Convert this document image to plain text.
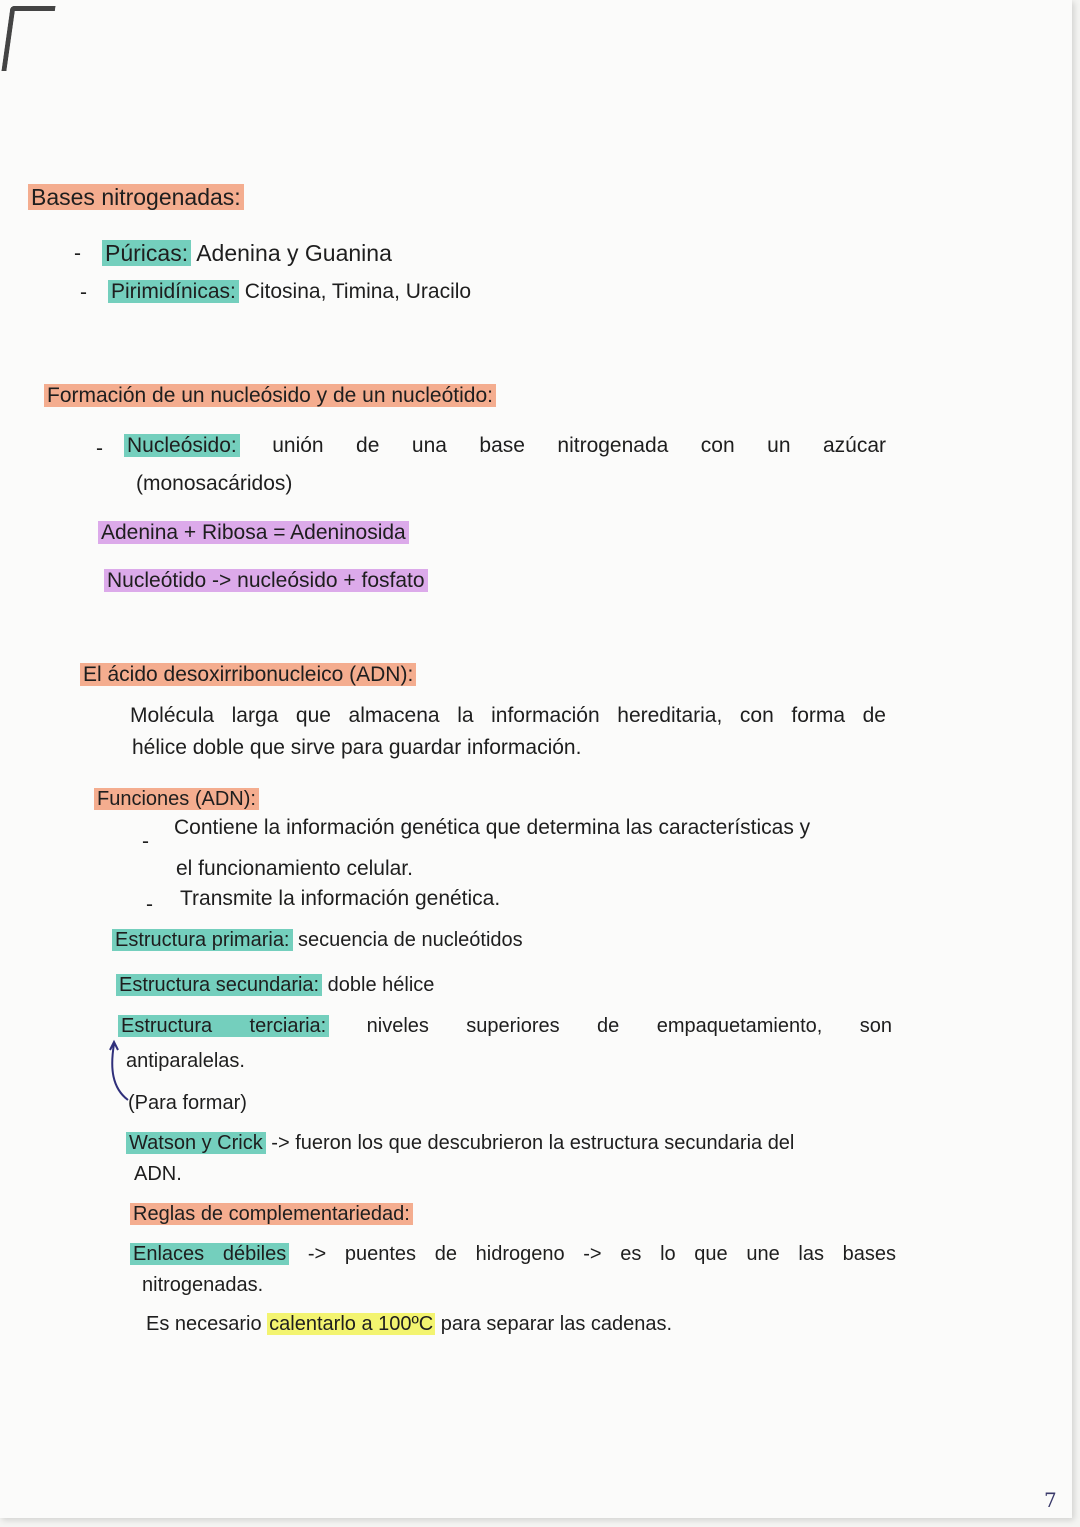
Bases nitrogenadas:
- Púricas: Adenina y Guanina
- Pirimidínicas: Citosina, Timina, Uracilo
Formación de un nucleósido y de un nucleótido:
- Nucleósido: unión de una base nitrogenada con un azúcar
(monosacáridos)
Adenina + Ribosa = Adeninosida
Nucleótido -> nucleósido + fosfato
El ácido desoxirribonucleico (ADN):
Molécula larga que almacena la información hereditaria, con forma de
hélice doble que sirve para guardar información.
Funciones (ADN):
-
Contiene la información genética que determina las características y
el funcionamiento celular.
- Transmite la información genética.
Estructura primaria: secuencia de nucleótidos
Estructura secundaria: doble hélice
Estructura terciaria: niveles superiores de empaquetamiento, son
antiparalelas.
(Para formar)
Watson y Crick -> fueron los que descubrieron la estructura secundaria del
ADN.
Reglas de complementariedad:
Enlaces débiles -> puentes de hidrogeno -> es lo que une las bases
nitrogenadas.
Es necesario calentarlo a 100ºC para separar las cadenas.
7
